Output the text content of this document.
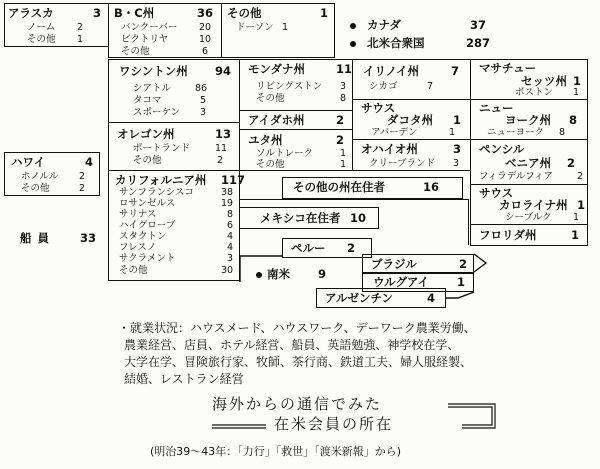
アラスカ	3
ノーム 2
その他 1
B・C州	36
バンクーバー 20
ビクトリヤ	10
その他	6
その他	1
ドーソン 1	カナダ	37
北米合衆国	287
ワシントン州 94
シアトル	86
タコマ	5
スポーケン 3
モンダナ州	11
リビングストン 3
その他	8
イリノイ州	7
シカゴ	7
マサチュー
セッツ州 1
ボストン 1
アイダホ州	2
サウス
ダコタ州 1
アバーデン	1
ニュー
ヨーク州 8
ニューヨーク 8
オレゴン州	13
ポートランド	11
その他	2
ユタ州	2
ソルトレーク	1
その他	1
オハイオ州	3
クリーブランド 3
ペンシル
ベニア州 2
フィラデルフィア	2
ハワイ	4
ホノルル 2
その他	2
カリフォルニア州 117
サンフランシスコ	38
ロサンゼルス	19
サリナス	8
ハイグローブ	6
スタクトン	4
フレスノ	4
サクラメント	3
その他	30
その他の州在住者	16	サウス
カロライナ州 1
シーブルク 1
フロリダ州	1
メキシコ在住者 10
船員 33
ペルー 2
南米 9
ブラジル	2
ウルグアイ 1
アルゼンチン	4
・就業状況：ハウスメード、ハウスワーク、デーワーク農業労働、
農業経営、店員、ホテル経営、船員、英語勉強、神学校在学、
大学在学、冒険旅行家、牧師、茶行商、鉄道工夫、婦人服経製、
結婚、レストラン経営
海外からの通信でみた
在米会員の所在
(明治39～43年：「力行」「救世」「渡米新報」から)
